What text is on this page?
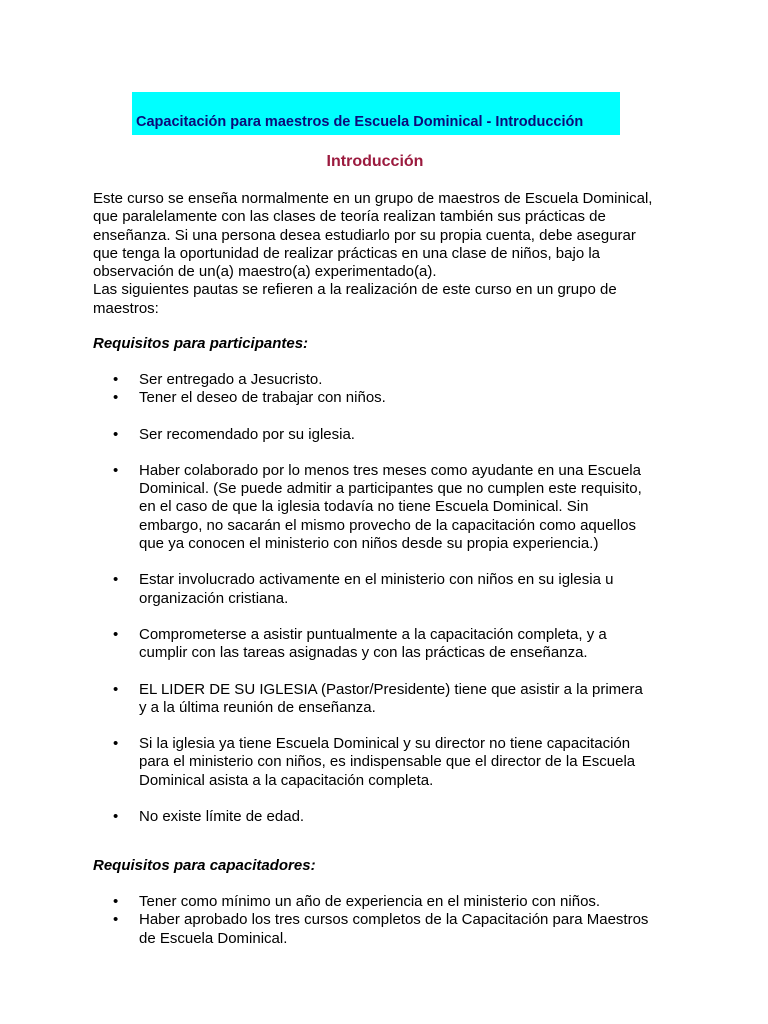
Capacitación para maestros de Escuela Dominical - Introducción
Introducción

Este curso se enseña normalmente en un grupo de maestros de Escuela Dominical, que paralelamente con las clases de teoría realizan también sus prácticas de enseñanza. Si una persona desea estudiarlo por su propia cuenta, debe asegurar que tenga la oportunidad de realizar prácticas en una clase de niños, bajo la observación de un(a) maestro(a) experimentado(a).

Las siguientes pautas se refieren a la realización de este curso en un grupo de maestros:

Requisitos para participantes:
• Ser entregado a Jesucristo.
• Tener el deseo de trabajar con niños.
• Ser recomendado por su iglesia.
• Haber colaborado por lo menos tres meses como ayudante en una Escuela Dominical. (Se puede admitir a participantes que no cumplen este requisito, en el caso de que la iglesia todavía no tiene Escuela Dominical. Sin embargo, no sacarán el mismo provecho de la capacitación como aquellos que ya conocen el ministerio con niños desde su propia experiencia.)
• Estar involucrado activamente en el ministerio con niños en su iglesia u organización cristiana.
• Comprometerse a asistir puntualmente a la capacitación completa, y a cumplir con las tareas asignadas y con las prácticas de enseñanza.
• EL LIDER DE SU IGLESIA (Pastor/Presidente) tiene que asistir a la primera y a la última reunión de enseñanza.
• Si la iglesia ya tiene Escuela Dominical y su director no tiene capacitación para el ministerio con niños, es indispensable que el director de la Escuela Dominical asista a la capacitación completa.
• No existe límite de edad.
Requisitos para capacitadores:
• Tener como mínimo un año de experiencia en el ministerio con niños.
• Haber aprobado los tres cursos completos de la Capacitación para Maestros de Escuela Dominical.
